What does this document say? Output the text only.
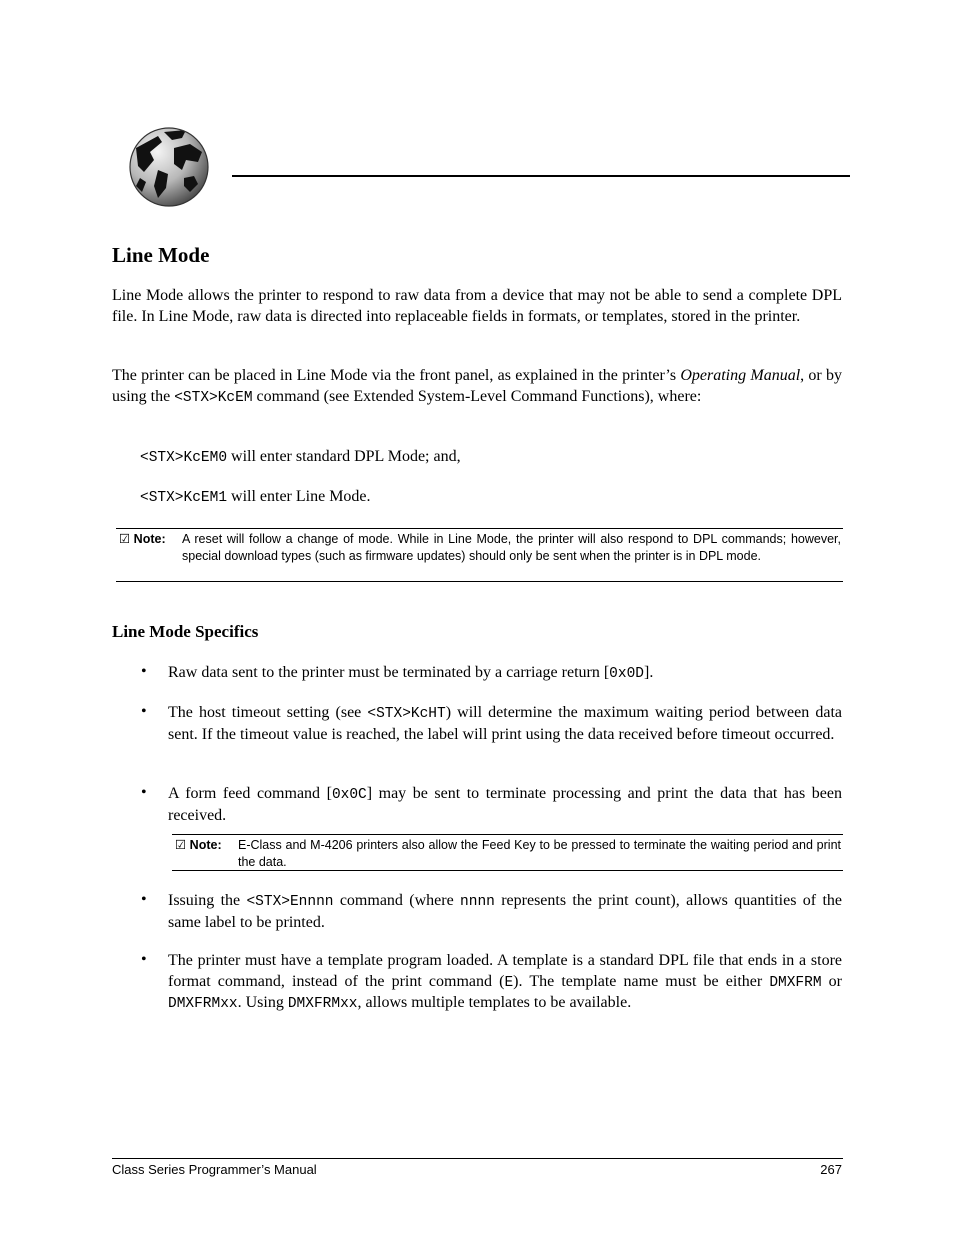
Line Mode

Line Mode allows the printer to respond to raw data from a device that may not be able to send a complete DPL file. In Line Mode, raw data is directed into replaceable fields in formats, or templates, stored in the printer.

The printer can be placed in Line Mode via the front panel, as explained in the printer’s Operating Manual, or by using the <STX>KcEM command (see Extended System-Level Command Functions), where:

<STX>KcEM0 will enter standard DPL Mode; and,

<STX>KcEM1 will enter Line Mode.

☑ Note: A reset will follow a change of mode. While in Line Mode, the printer will also respond to DPL commands; however, special download types (such as firmware updates) should only be sent when the printer is in DPL mode.
Line Mode Specifics
• Raw data sent to the printer must be terminated by a carriage return [0x0D].

• The host timeout setting (see <STX>KcHT) will determine the maximum waiting period between data sent. If the timeout value is reached, the label will print using the data received before timeout occurred.

• A form feed command [0x0C] may be sent to terminate processing and print the data that has been received.

☑ Note: E-Class and M-4206 printers also allow the Feed Key to be pressed to terminate the waiting period and print the data.
• Issuing the <STX>Ennnn command (where nnnn represents the print count), allows quantities of the same label to be printed.

• The printer must have a template program loaded. A template is a standard DPL file that ends in a store format command, instead of the print command (E). The template name must be either DMXFRM or DMXFRMxx. Using DMXFRMxx, allows multiple templates to be available.

Class Series Programmer’s Manual	267
